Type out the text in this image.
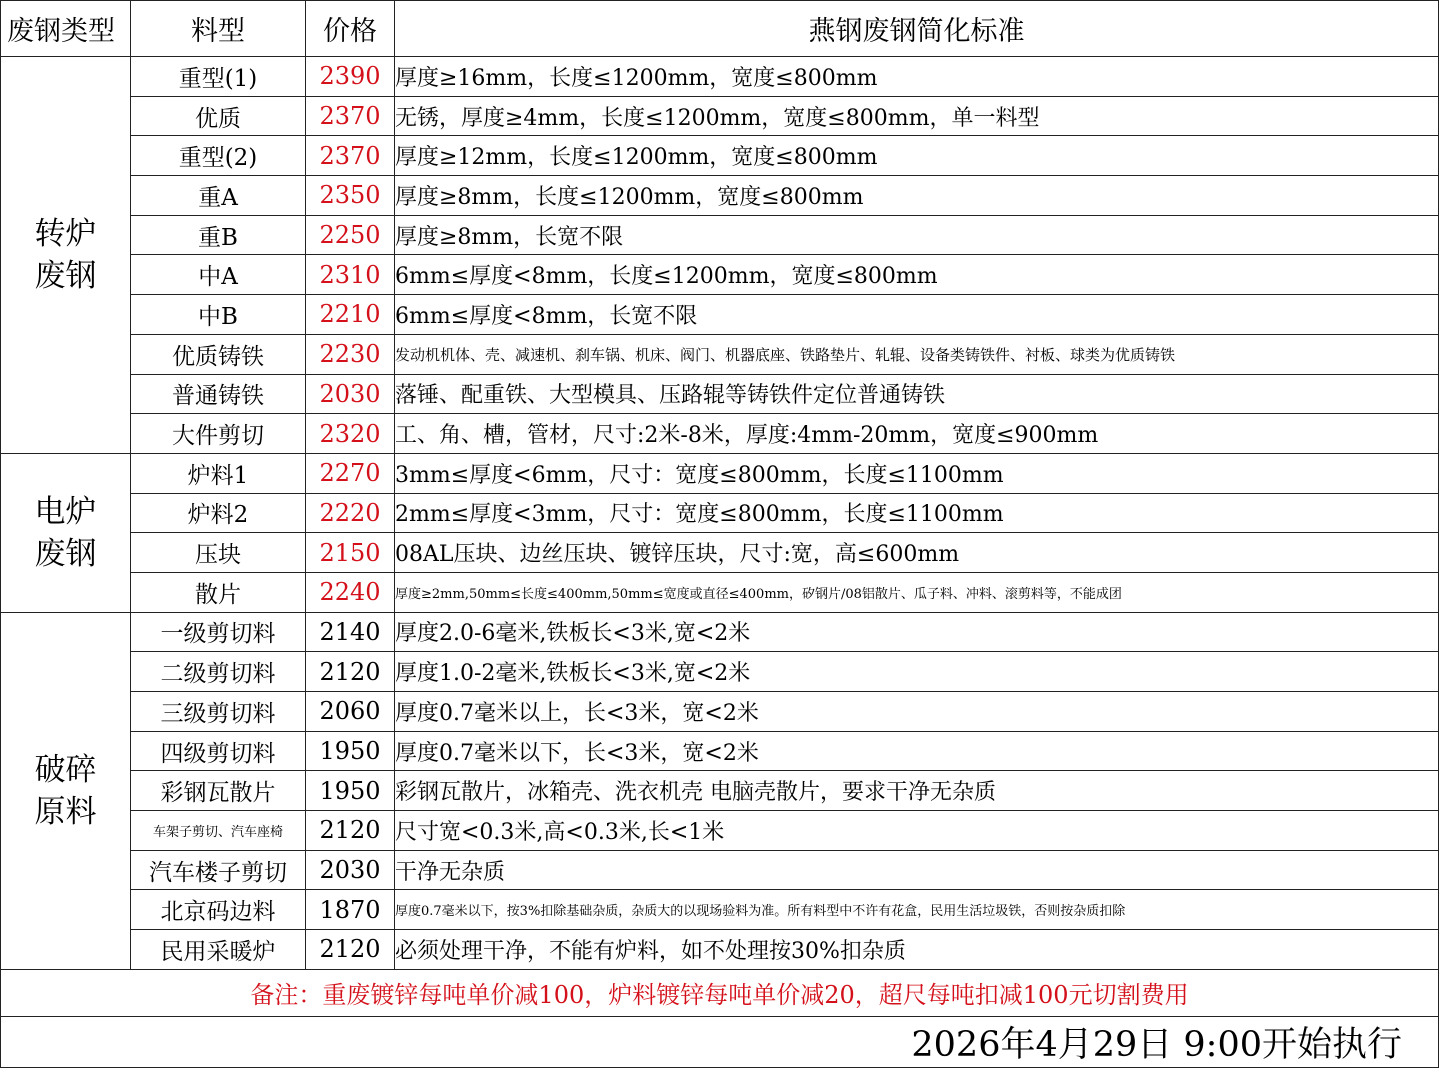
废钢类型	料型	价格	燕钢废钢简化标准
转炉
废钢	重型(1)	2390	厚度≥16mm，长度≤1200mm，宽度≤800mm
	优质	2370	无锈，厚度≥4mm，长度≤1200mm，宽度≤800mm，单一料型
	重型(2)	2370	厚度≥12mm，长度≤1200mm，宽度≤800mm
	重A	2350	厚度≥8mm，长度≤1200mm，宽度≤800mm
	重B	2250	厚度≥8mm，长宽不限
	中A	2310	6mm≤厚度<8mm，长度≤1200mm，宽度≤800mm
	中B	2210	6mm≤厚度<8mm，长宽不限
	优质铸铁	2230	发动机机体、壳、减速机、刹车锅、机床、阀门、机器底座、铁路垫片、轧辊、设备类铸铁件、衬板、球类为优质铸铁
	普通铸铁	2030	落锤、配重铁、大型模具、压路辊等铸铁件定位普通铸铁
	大件剪切	2320	工、角、槽，管材，尺寸:2米-8米，厚度:4mm-20mm，宽度≤900mm
电炉
废钢	炉料1	2270	3mm≤厚度<6mm，尺寸：宽度≤800mm，长度≤1100mm
	炉料2	2220	2mm≤厚度<3mm，尺寸：宽度≤800mm，长度≤1100mm
	压块	2150	08AL压块、边丝压块、镀锌压块，尺寸:宽，高≤600mm
	散片	2240	厚度≥2mm,50mm≤长度≤400mm,50mm≤宽度或直径≤400mm，矽钢片/08铝散片、瓜子料、冲料、滚剪料等，不能成团
破碎
原料	一级剪切料	2140	厚度2.0-6毫米,铁板长<3米,宽<2米
	二级剪切料	2120	厚度1.0-2毫米,铁板长<3米,宽<2米
	三级剪切料	2060	厚度0.7毫米以上，长<3米，宽<2米
	四级剪切料	1950	厚度0.7毫米以下，长<3米，宽<2米
	彩钢瓦散片	1950	彩钢瓦散片，冰箱壳、洗衣机壳 电脑壳散片，要求干净无杂质
	车架子剪切、汽车座椅	2120	尺寸宽<0.3米,高<0.3米,长<1米
	汽车楼子剪切	2030	干净无杂质
	北京码边料	1870	厚度0.7毫米以下，按3%扣除基础杂质，杂质大的以现场验料为准。所有料型中不许有花盒，民用生活垃圾铁，否则按杂质扣除
	民用采暖炉	2120	必须处理干净，不能有炉料，如不处理按30%扣杂质
备注：重废镀锌每吨单价减100，炉料镀锌每吨单价减20，超尺每吨扣减100元切割费用			
2026年4月29日 9:00开始执行			
